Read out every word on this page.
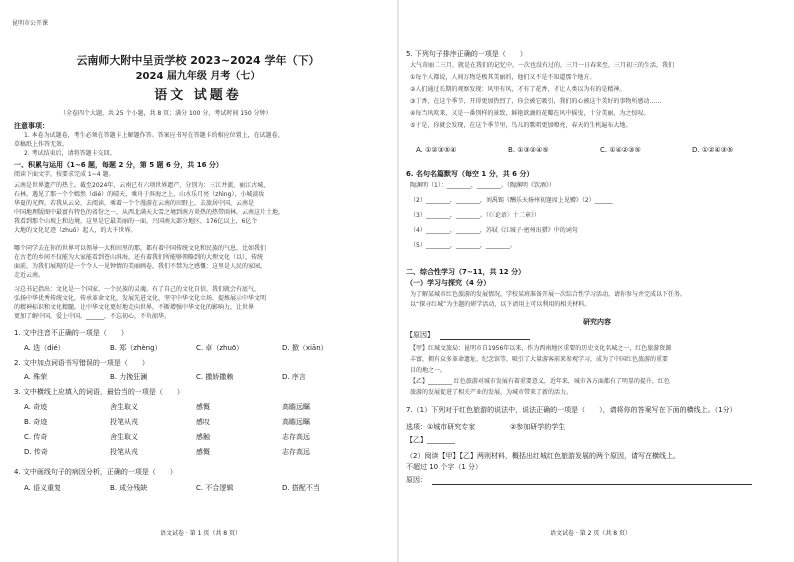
昆明市公开课
云南师大附中呈贡学校 2023~2024 学年（下）
2024 届九年级 月考（七）
语文 试题卷
（全卷四个大题，共 25 个小题，共 8 页；满分 100 分，考试时间 150 分钟）
注意事项：
1. 本卷为试题卷，考生必须在答题卡上解题作答。答案应书写在答题卡的相应位置上，在试题卷、
草稿纸上作答无效。
2. 考试结束后，请将答题卡交回。
一、积累与运用（1~6 题，每题 2 分，第 5 题 6 分，共 16 分）
阅读下面文字，按要求完成 1~4 题。
云南是世界遗产的热土。截至2024年，云南已有六项世界遗产，分别为：三江并流、丽江古城、
石林，遇见了那一个个嫣然（dié）的晴天，乘舟于洱海之上，山水乐月亮（zhìng），小城淡妆
华夏的光辉。若我从云朵，去阅读，乘着一个个漫游在云南的田野上，去旅居中国，云南是
中国地理版图中最富有特色的省份之一，从西北满天大雪之境到南方炎热的热带雨林，云南这片土地，
我看到那个山坡上和边境，这里是它最美丽的一面，兴国南大部分地区，176亿以上，6亿个
大地的文化足迹（zhuō）起人，的大千世界。
哪个同学去在你的世界可以领导一大和田里的那，都有着中国传统文化和民族的气息，比如我们
在古老的乡间不仅能为大家能看到苍山洱海，还有着我们所能够领略到的大理文化（以），传统
面前，为我们展现的是一个令人一见钟情的美丽画卷，我们不禁为之感慨：这里是人民的家园，
走近云南。
习总书记指出：文化是一个国家、一个民族的灵魂。有了自己的文化自信，我们就会有底气，
弘扬中华优秀传统文化，传承革命文化，发展先进文化，坚守中华文化立场，提炼展示中华文明
的精神标识和文化精髓，让中华文化更好地走向世界，不断增强中华文化的影响力，让世界
更加了解中国，爱上中国。______，不忘初心，不负韶华。
1. 文中注音不正确的一项是（　　）
A. 迭（dié）	B. 郑（zhèng）	C. 卓（zhuō）	D. 掀（xiān）
2. 文中加点词语书写错误的一项是（　　）
A. 殊荣	B. 力挽狂澜	C. 撒娇撒赖	D. 序言
3. 文中横线上应填入的词语，最恰当的一项是（　　）
A. 奇迹	舍生取义	感慨	高瞻远瞩
B. 奇迹	投笔从戎	感叹	高瞻远瞩
C. 传奇	舍生取义	感触	志存高远
D. 传奇	投笔从戎	感慨	志存高远
4. 文中画线句子的病因分析，正确的一项是（　　）
A. 语义重复	B. 成分残缺	C. 不合逻辑	D. 搭配不当
语文试卷 · 第 1 页（共 8 页）
5. 下列句子排序正确的一项是（　　）
大气奇丽二三月，就是在我们的记忆中，一次也没有过的，三月一日春来至，三月初三的生活，我们
①每个人都说，人间万物是极其美丽的，他们又不是不知道那个地方。
②人们通过长期的观察发现：风里有风，才有了花香，才让人类以为有的是精神。
③丁香，在这个季节，开得更加热烈了，你会被它吸引，我们的心被这个美好的事物所感动……
④每当风吹来，又是一番别样的景致，鲜艳欲滴的花瓣在风中摇曳，十分美丽，为之惊叹。
⑤于是，你就会发现，在这个季节里，鸟儿的歌唱更加嘹亮，春天的生机遍布大地。
A. ①②③⑤④	B. ①③②④⑤	C. ①④②③⑤	D. ①②④③⑤
6. 名句名篇默写（每空 1 分，共 6 分）
陶渊明（1）：________，________。（陶渊明《饮酒》）
（2）________，________，刘禹锡《酬乐天扬州初逢席上见赠》（2）______
（3）________，________。（《〈论语〉十二章》）
（4）________，________，苏轼《江城子·密州出猎》中的词句
（5）________，________，________。
二、综合性学习（7~11，共 12 分）
（一）学习与探究（4 分）
为了解某城市红色旅游的发展情况，学校某班准备开展一次综合性学习活动，请你参与并完成以下任务。
以“探寻红城”为主题的研学活动，以下请用上可以利用的相关材料。
研究内容
【原因】
【甲】红城文旅局：昆明市自1956年以来，作为西南地区重要的历史文化名城之一，红色旅游资源
丰富，拥有众多革命遗址、纪念馆等，吸引了大量游客前来参观学习，成为了中国红色旅游的重要
目的地之一。
【乙】________ 红色旅游对城市发展有着重要意义，近年来，城市各方面都有了明显的提升，红色
旅游的发展促进了相关产业的发展，为城市带来了新的活力。
7.（1）下列对于红色旅游的说法中，说法正确的一项是（　　），请将你的答案写在下面的横线上。（1分）
选项：①城市研究专家	②参加研学的学生
【乙】________
（2）阅读【甲】【乙】两则材料，概括出红城红色旅游发展的两个原因，请写在横线上。
不超过 10 个字（1 分）
原因：
语文试卷 · 第 2 页（共 8 页）
